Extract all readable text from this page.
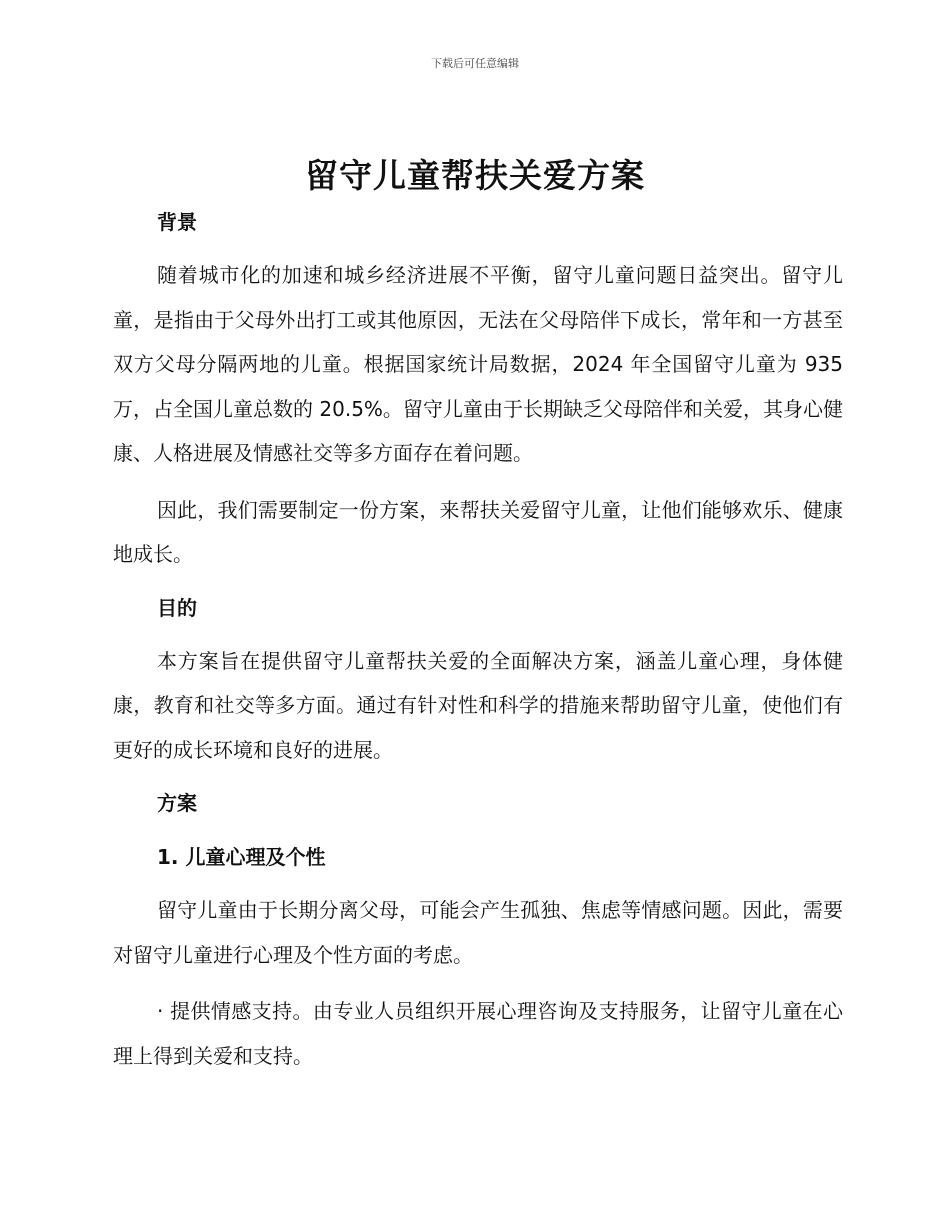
下载后可任意编辑
留守儿童帮扶关爱方案

背景

随着城市化的加速和城乡经济进展不平衡，留守儿童问题日益突出。留守儿童，是指由于父母外出打工或其他原因，无法在父母陪伴下成长，常年和一方甚至双方父母分隔两地的儿童。根据国家统计局数据，2024 年全国留守儿童为 935 万，占全国儿童总数的 20.5%。留守儿童由于长期缺乏父母陪伴和关爱，其身心健康、人格进展及情感社交等多方面存在着问题。

因此，我们需要制定一份方案，来帮扶关爱留守儿童，让他们能够欢乐、健康地成长。

目的

本方案旨在提供留守儿童帮扶关爱的全面解决方案，涵盖儿童心理，身体健康，教育和社交等多方面。通过有针对性和科学的措施来帮助留守儿童，使他们有更好的成长环境和良好的进展。

方案

1. 儿童心理及个性

留守儿童由于长期分离父母，可能会产生孤独、焦虑等情感问题。因此，需要对留守儿童进行心理及个性方面的考虑。

· 提供情感支持。由专业人员组织开展心理咨询及支持服务，让留守儿童在心理上得到关爱和支持。
